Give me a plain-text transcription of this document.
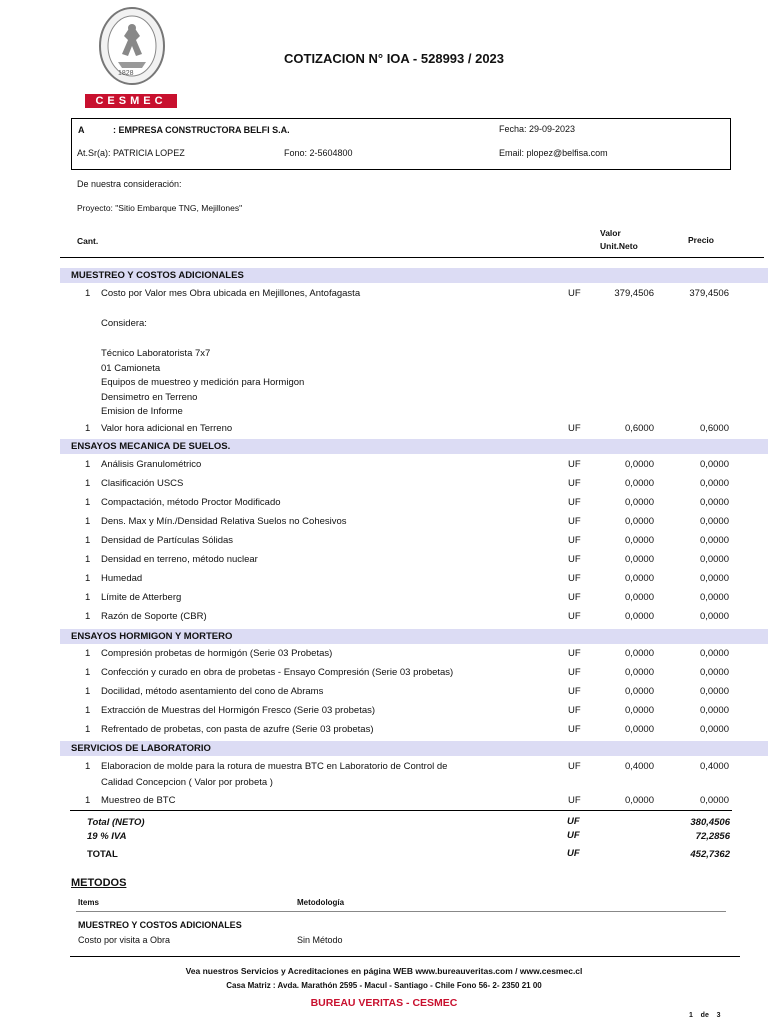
1828
CESMEC
COTIZACION N° IOA - 528993 / 2023
A	: EMPRESA CONSTRUCTORA BELFI S.A.	Fecha: 29-09-2023
At.Sr(a): PATRICIA LOPEZ	Fono: 2-5604800	Email: plopez@belfisa.com
De nuestra consideración:
Proyecto: "Sitio Embarque TNG, Mejillones"
Cant.
Valor
Unit.Neto
Precio
MUESTREO Y COSTOS ADICIONALES
1 Costo por Valor mes Obra ubicada en Mejillones, Antofagasta	UF	379,4506	379,4506
Considera:
Técnico Laboratorista 7x7
01 Camioneta
Equipos de muestreo y medición para Hormigon
Densimetro en Terreno
Emision de Informe
1 Valor hora adicional en Terreno	UF	0,6000	0,6000
ENSAYOS MECANICA DE SUELOS.
1 Análisis Granulométrico	UF	0,0000	0,0000
1 Clasificación USCS	UF	0,0000	0,0000
1 Compactación, método Proctor Modificado	UF	0,0000	0,0000
1 Dens. Max y Mín./Densidad Relativa Suelos no Cohesivos	UF	0,0000	0,0000
1 Densidad de Partículas Sólidas	UF	0,0000	0,0000
1 Densidad en terreno, método nuclear	UF	0,0000	0,0000
1 Humedad	UF	0,0000	0,0000
1 Límite de Atterberg	UF	0,0000	0,0000
1 Razón de Soporte (CBR)	UF	0,0000	0,0000
ENSAYOS HORMIGON Y MORTERO
1 Compresión probetas de hormigón (Serie 03 Probetas)	UF	0,0000	0,0000
1 Confección y curado en obra de probetas - Ensayo Compresión (Serie 03 probetas)	UF	0,0000	0,0000
1 Docilidad, método asentamiento del cono de Abrams	UF	0,0000	0,0000
1 Extracción de Muestras del Hormigón Fresco (Serie 03 probetas)	UF	0,0000	0,0000
1 Refrentado de probetas, con pasta de azufre (Serie 03 probetas)	UF	0,0000	0,0000
SERVICIOS DE LABORATORIO
1 Elaboracion de molde para la rotura de muestra BTC en Laboratorio de Control de	UF	0,4000	0,4000
Calidad Concepcion ( Valor por probeta )
1 Muestreo de BTC	UF	0,0000	0,0000
Total (NETO)	UF	380,4506
19 % IVA	UF	72,2856
TOTAL	UF	452,7362
METODOS
Items	Metodología
MUESTREO Y COSTOS ADICIONALES
Costo por visita a Obra	Sin Método
Vea nuestros Servicios y Acreditaciones en página WEB www.bureauveritas.com / www.cesmec.cl
Casa Matriz : Avda. Marathón 2595 - Macul - Santiago - Chile Fono 56- 2- 2350 21 00
BUREAU VERITAS - CESMEC
1    de    3
